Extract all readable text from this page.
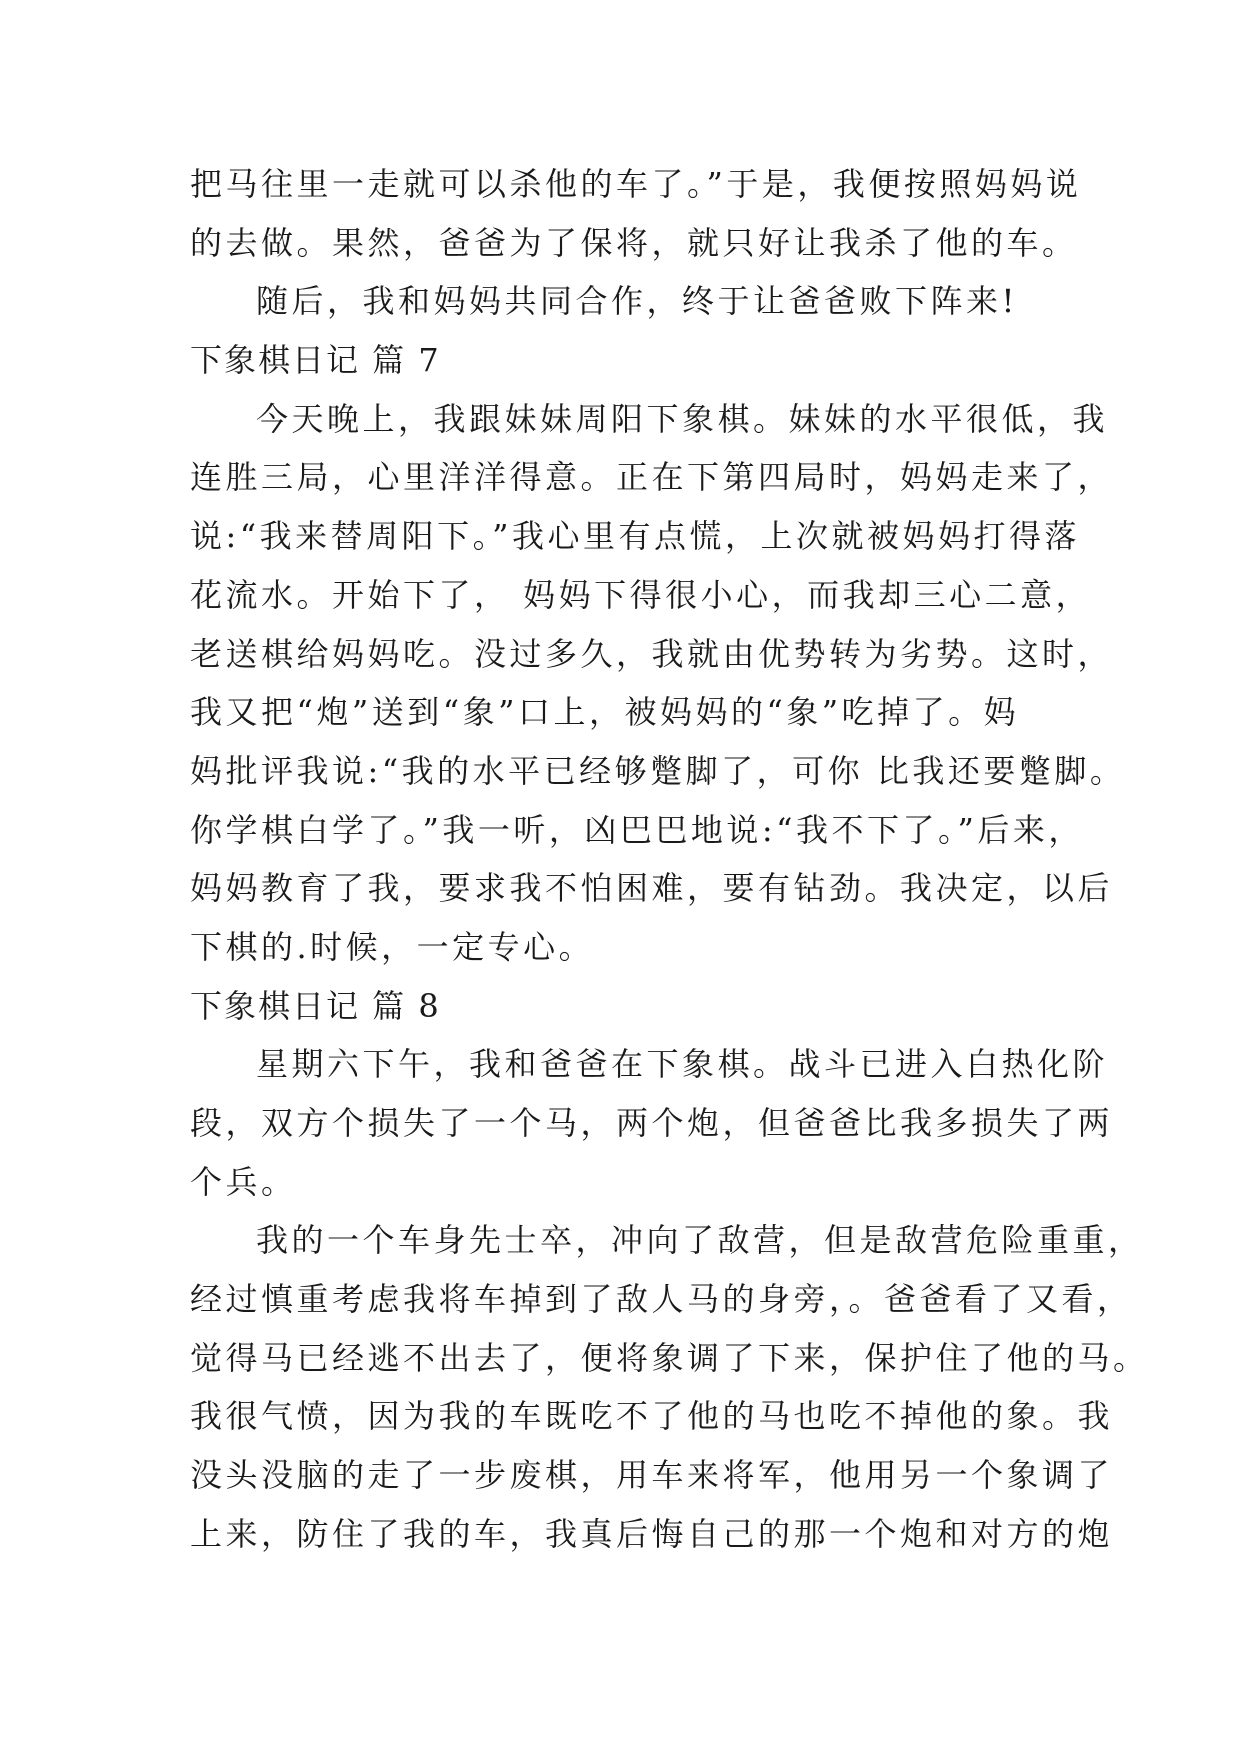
把马往里一走就可以杀他的车了。”于是，我便按照妈妈说
的去做。果然，爸爸为了保将，就只好让我杀了他的车。
随后，我和妈妈共同合作，终于让爸爸败下阵来!
下象棋日记 篇 7
今天晚上，我跟妹妹周阳下象棋。妹妹的水平很低，我
连胜三局，心里洋洋得意。正在下第四局时，妈妈走来了，
说:“我来替周阳下。”我心里有点慌，上次就被妈妈打得落
花流水。开始下了， 妈妈下得很小心，而我却三心二意，
老送棋给妈妈吃。没过多久，我就由优势转为劣势。这时，
我又把“炮”送到“象”口上，被妈妈的“象”吃掉了。妈
妈批评我说:“我的水平已经够蹩脚了，可你 比我还要蹩脚。
你学棋白学了。”我一听，凶巴巴地说:“我不下了。”后来，
妈妈教育了我，要求我不怕困难，要有钻劲。我决定，以后
下棋的.时候，一定专心。
下象棋日记 篇 8
星期六下午，我和爸爸在下象棋。战斗已进入白热化阶
段，双方个损失了一个马，两个炮，但爸爸比我多损失了两
个兵。
我的一个车身先士卒，冲向了敌营，但是敌营危险重重，
经过慎重考虑我将车掉到了敌人马的身旁，。爸爸看了又看，
觉得马已经逃不出去了，便将象调了下来，保护住了他的马。
我很气愤，因为我的车既吃不了他的马也吃不掉他的象。我
没头没脑的走了一步废棋，用车来将军，他用另一个象调了
上来，防住了我的车，我真后悔自己的那一个炮和对方的炮
